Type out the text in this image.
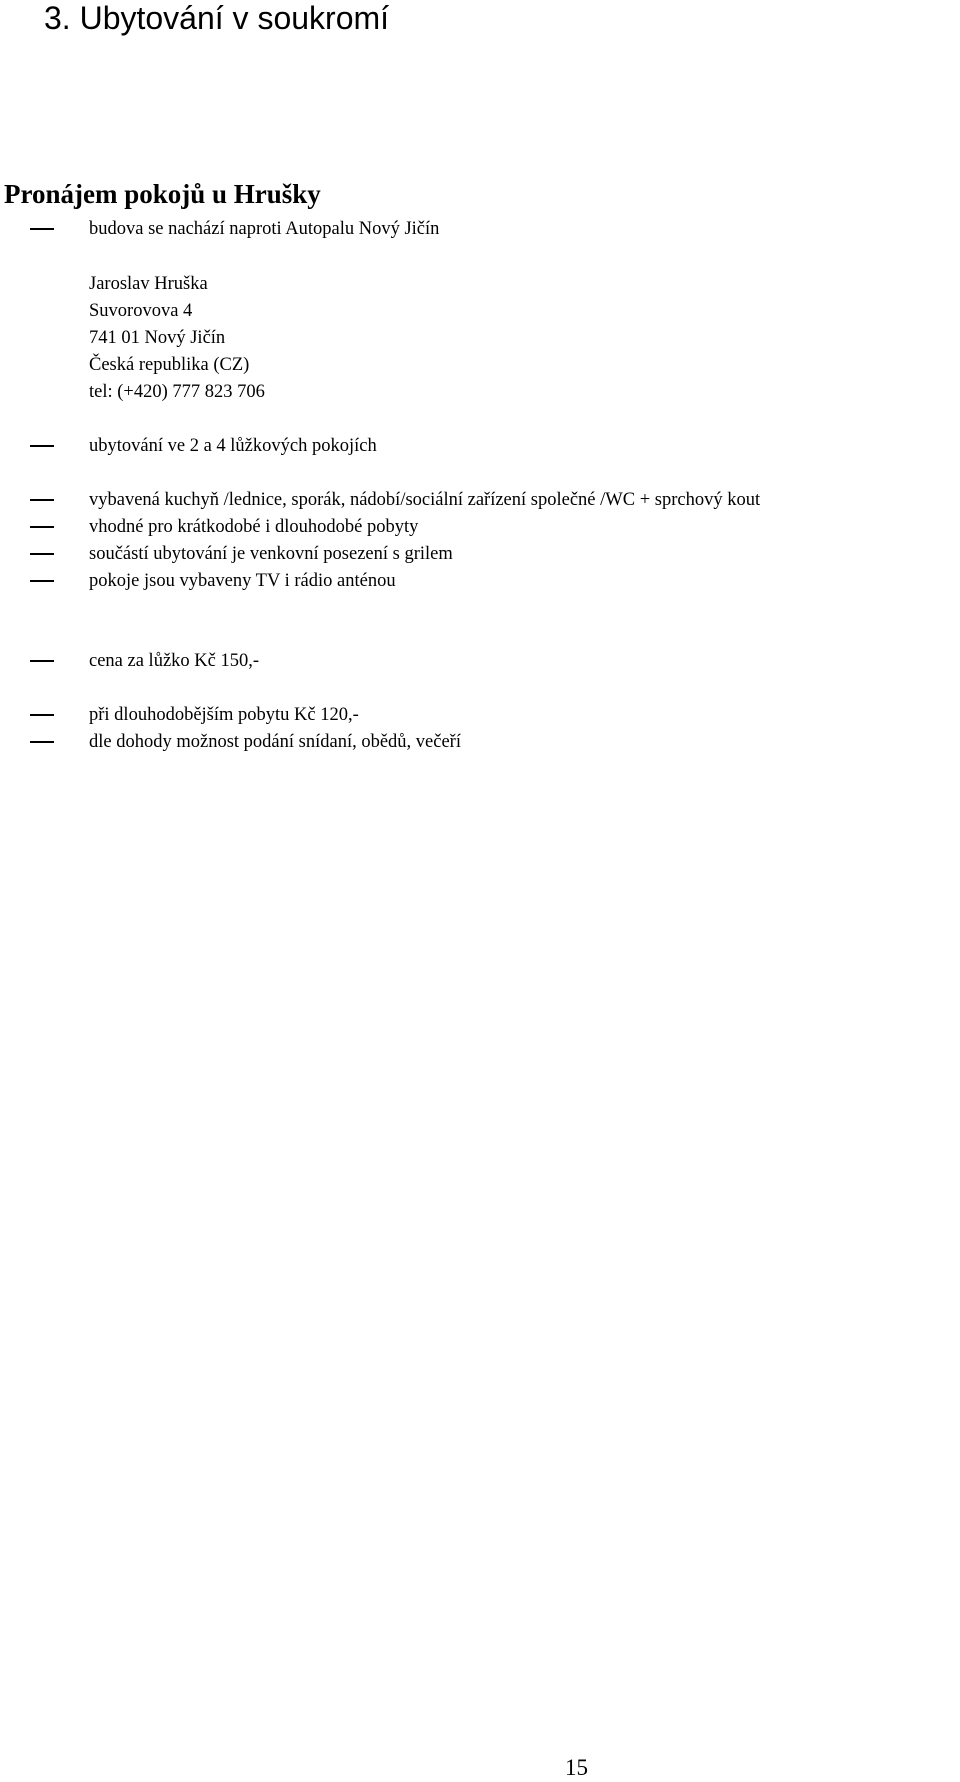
3. Ubytování v soukromí
Pronájem pokojů u Hrušky
budova se nachází naproti Autopalu Nový Jičín
Jaroslav Hruška
Suvorovova 4
741 01 Nový Jičín
Česká republika (CZ)
tel: (+420) 777 823 706
ubytování ve 2 a 4 lůžkových pokojích
vybavená kuchyň /lednice, sporák, nádobí/sociální zařízení společné /WC + sprchový kout
vhodné pro krátkodobé i dlouhodobé pobyty
součástí ubytování je venkovní posezení s grilem
pokoje jsou vybaveny TV i rádio anténou
cena za lůžko Kč 150,-
při dlouhodobějším pobytu Kč 120,-
dle dohody možnost podání snídaní, obědů, večeří
15
